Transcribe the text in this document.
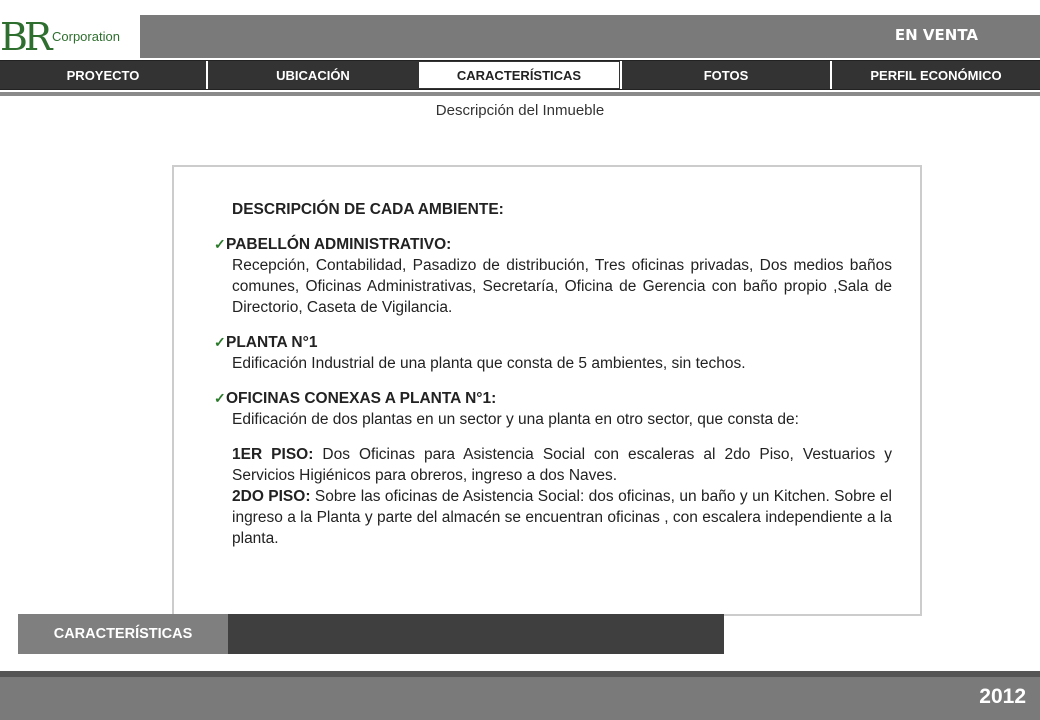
BR Corporation	EN VENTA
PROYECTO	UBICACIÓN	CARACTERÍSTICAS	FOTOS	PERFIL ECONÓMICO
Descripción del Inmueble
DESCRIPCIÓN DE CADA AMBIENTE:
✓ PABELLÓN ADMINISTRATIVO:
Recepción, Contabilidad, Pasadizo de distribución, Tres oficinas privadas, Dos medios baños comunes, Oficinas Administrativas, Secretaría, Oficina de Gerencia con baño propio ,Sala de Directorio, Caseta de Vigilancia.
✓ PLANTA N°1
Edificación Industrial de una planta que consta de 5 ambientes, sin techos.
✓ OFICINAS CONEXAS A PLANTA N°1:
Edificación de dos plantas en un sector y una planta en otro sector, que consta de:
1ER PISO: Dos Oficinas para Asistencia Social con escaleras al 2do Piso, Vestuarios y Servicios Higiénicos para obreros, ingreso a dos Naves.
2DO PISO: Sobre las oficinas de Asistencia Social: dos oficinas, un baño y un Kitchen. Sobre el ingreso a la Planta y parte del almacén se encuentran oficinas , con escalera independiente a la planta.
CARACTERÍSTICAS
2012
